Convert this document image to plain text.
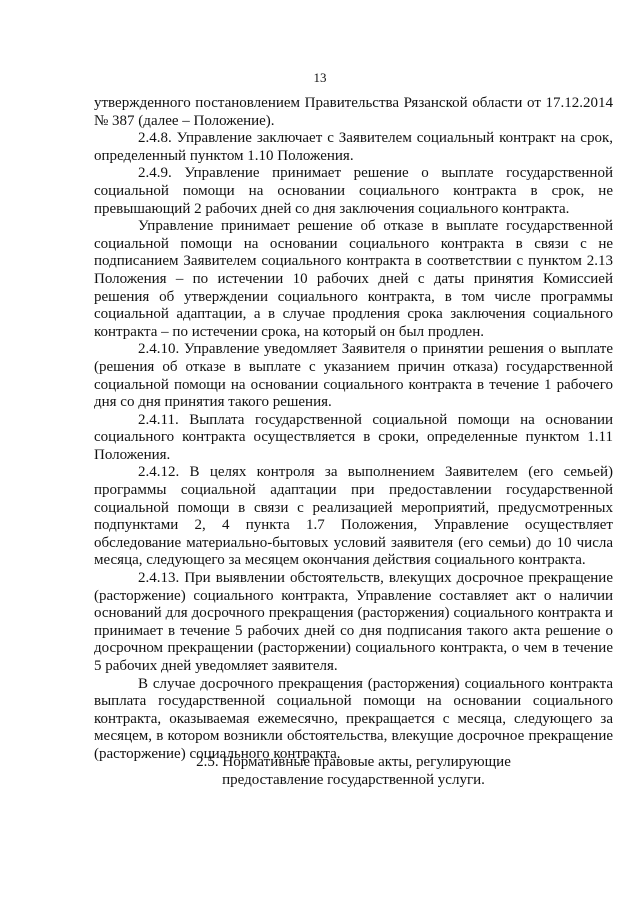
13

утвержденного постановлением Правительства Рязанской области от 17.12.2014 № 387 (далее – Положение).

2.4.8. Управление заключает с Заявителем социальный контракт на срок, определенный пунктом 1.10 Положения.

2.4.9. Управление принимает решение о выплате государственной социальной помощи на основании социального контракта в срок, не превышающий 2 рабочих дней со дня заключения социального контракта.

Управление принимает решение об отказе в выплате государственной социальной помощи на основании социального контракта в связи с не подписанием Заявителем социального контракта в соответствии с пунктом 2.13 Положения – по истечении 10 рабочих дней с даты принятия Комиссией решения об утверждении социального контракта, в том числе программы социальной адаптации, а в случае продления срока заключения социального контракта – по истечении срока, на который он был продлен.

2.4.10. Управление уведомляет Заявителя о принятии решения о выплате (решения об отказе в выплате с указанием причин отказа) государственной социальной помощи на основании социального контракта в течение 1 рабочего дня со дня принятия такого решения.

2.4.11. Выплата государственной социальной помощи на основании социального контракта осуществляется в сроки, определенные пунктом 1.11 Положения.

2.4.12. В целях контроля за выполнением Заявителем (его семьей) программы социальной адаптации при предоставлении государственной социальной помощи в связи с реализацией мероприятий, предусмотренных подпунктами 2, 4 пункта 1.7 Положения, Управление осуществляет обследование материально-бытовых условий заявителя (его семьи) до 10 числа месяца, следующего за месяцем окончания действия социального контракта.

2.4.13. При выявлении обстоятельств, влекущих досрочное прекращение (расторжение) социального контракта, Управление составляет акт о наличии оснований для досрочного прекращения (расторжения) социального контракта и принимает в течение 5 рабочих дней со дня подписания такого акта решение о досрочном прекращении (расторжении) социального контракта, о чем в течение 5 рабочих дней уведомляет заявителя.

В случае досрочного прекращения (расторжения) социального контракта выплата государственной социальной помощи на основании социального контракта, оказываемая ежемесячно, прекращается с месяца, следующего за месяцем, в котором возникли обстоятельства, влекущие досрочное прекращение (расторжение) социального контракта.

2.5. Нормативные правовые акты, регулирующие
предоставление государственной услуги.
